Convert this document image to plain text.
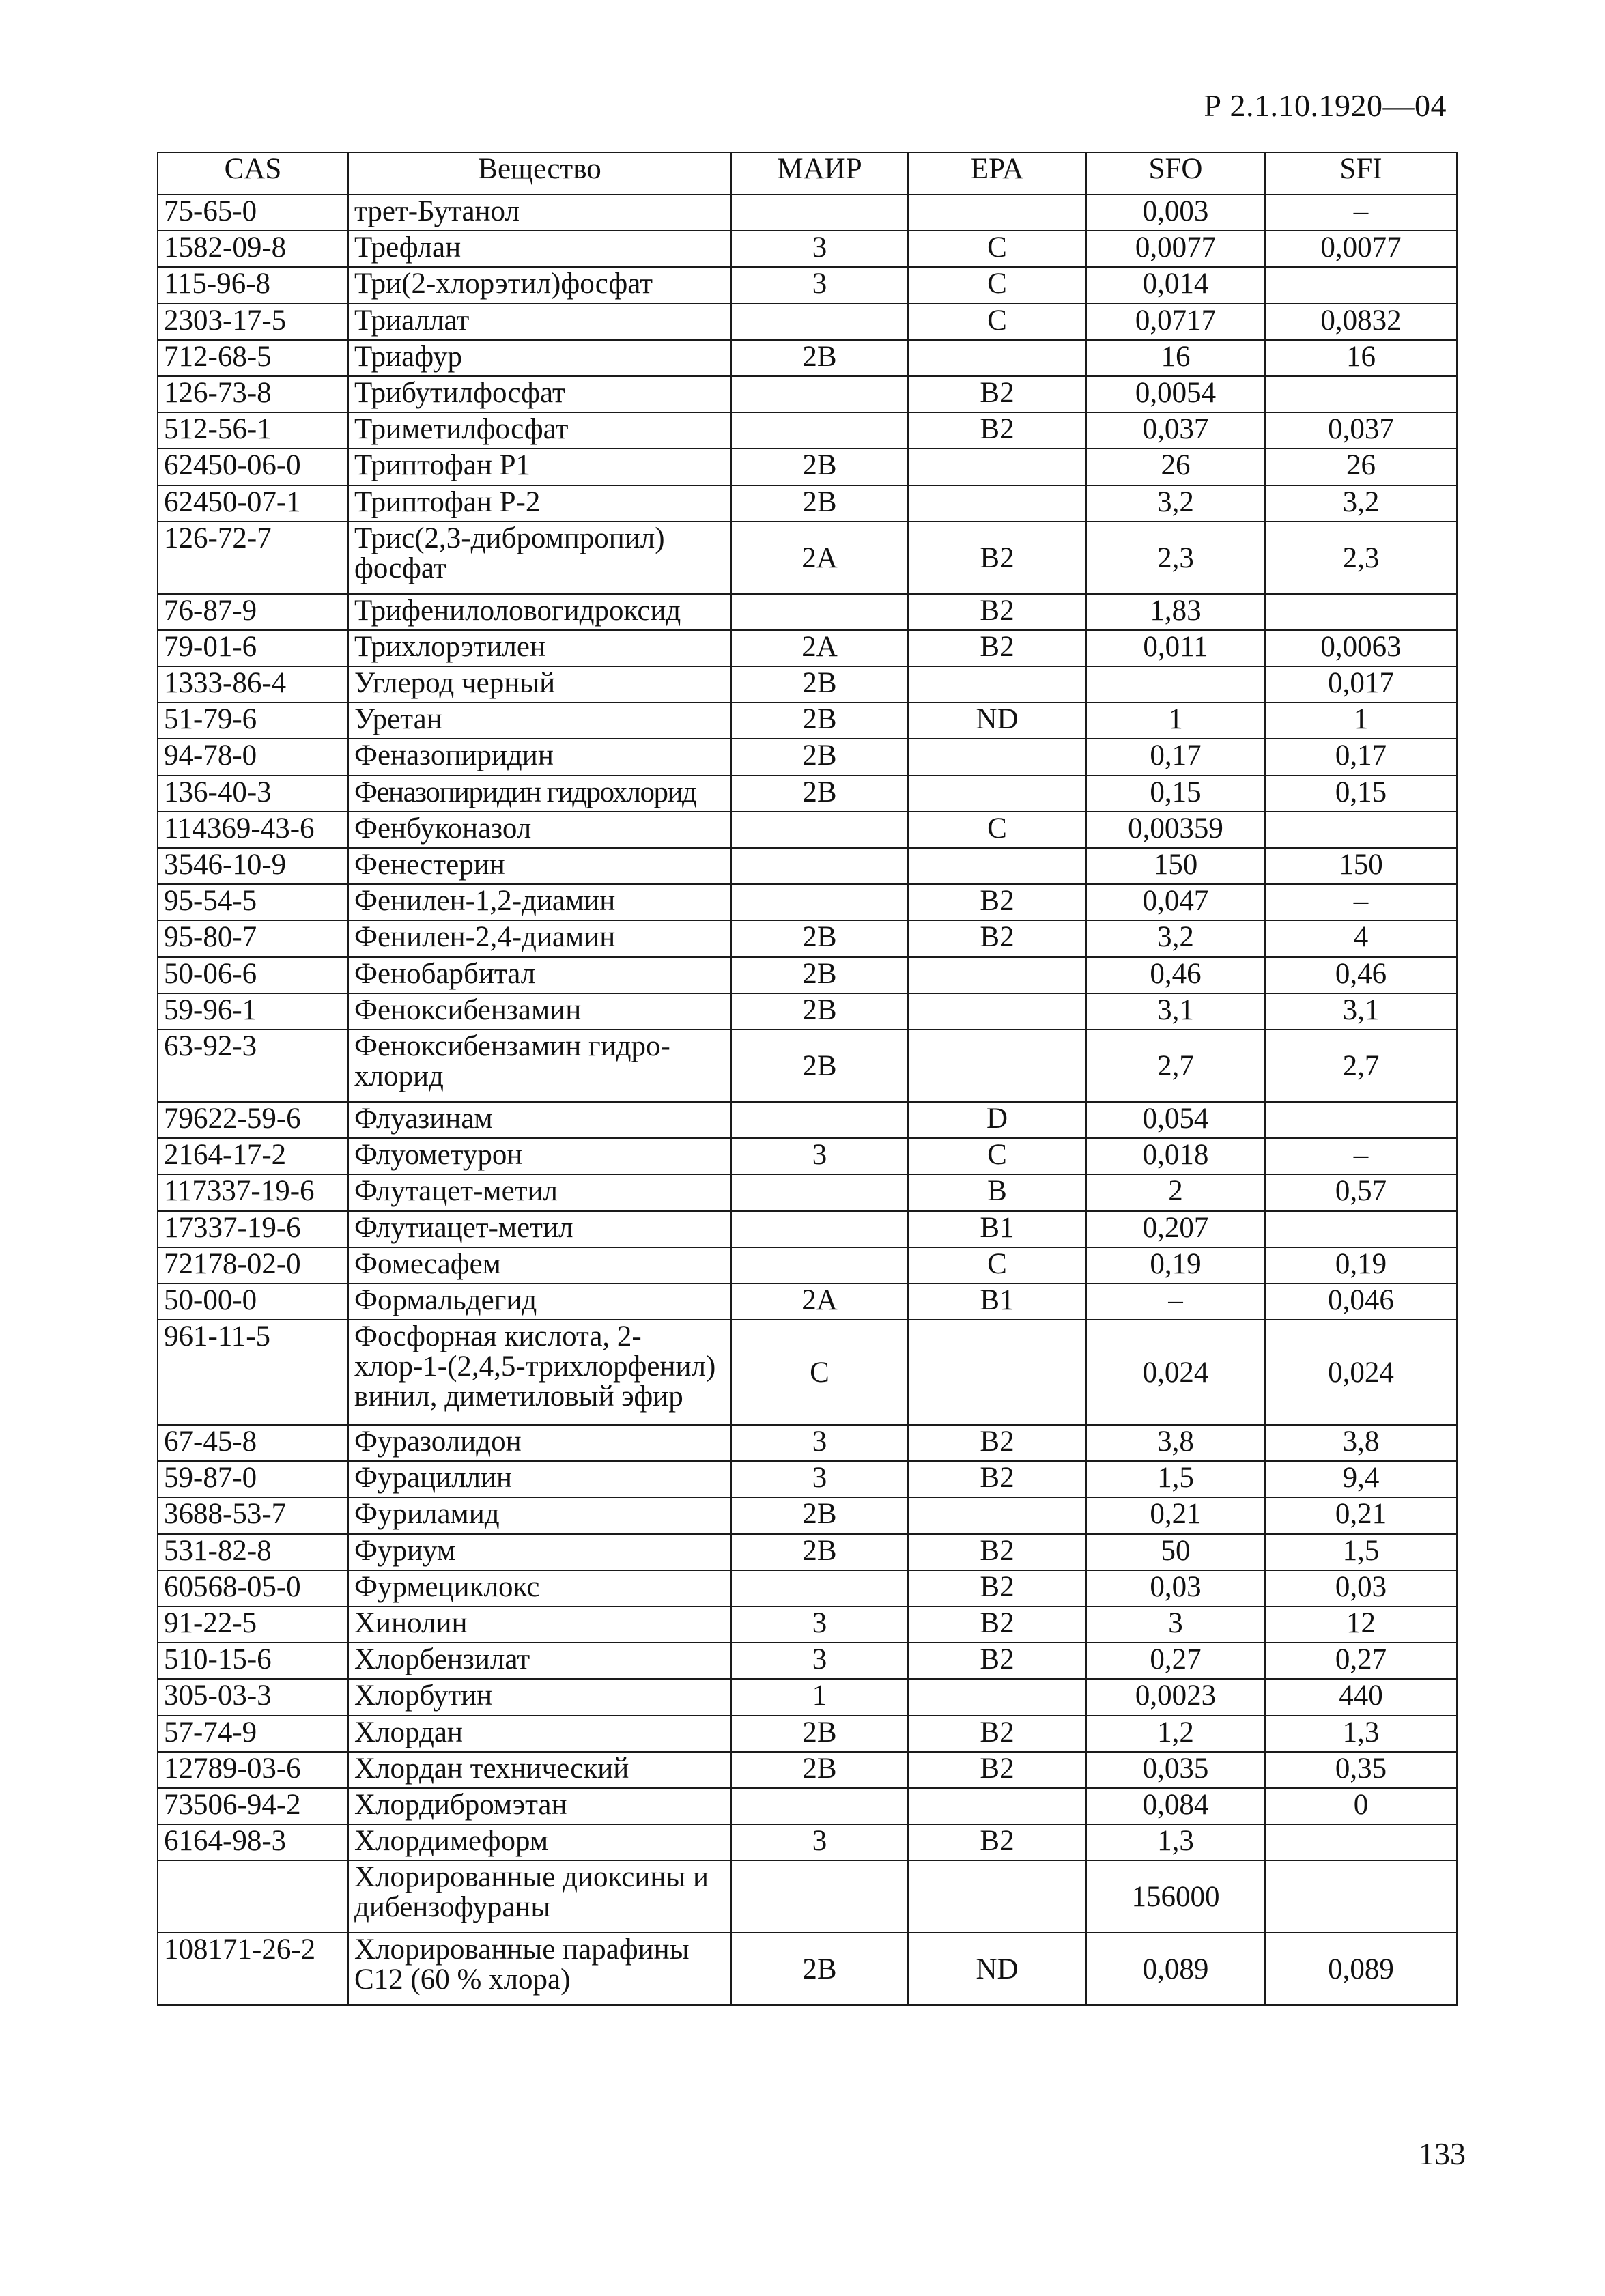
Р 2.1.10.1920—04
CAS	Вещество	МАИР	EPA	SFO	SFI
75-65-0	трет-Бутанол			0,003	–
1582-09-8	Трефлан	3	C	0,0077	0,0077
115-96-8	Три(2-хлорэтил)фосфат	3	C	0,014	
2303-17-5	Триаллат		C	0,0717	0,0832
712-68-5	Триафур	2B		16	16
126-73-8	Трибутилфосфат		B2	0,0054	
512-56-1	Триметилфосфат		B2	0,037	0,037
62450-06-0	Триптофан P1	2B		26	26
62450-07-1	Триптофан P-2	2B		3,2	3,2
126-72-7	Трис(2,3-дибромпропил) фосфат	2A	B2	2,3	2,3
76-87-9	Трифенилоловогидроксид		B2	1,83	
79-01-6	Трихлорэтилен	2A	B2	0,011	0,0063
1333-86-4	Углерод черный	2B			0,017
51-79-6	Уретан	2B	ND	1	1
94-78-0	Феназопиридин	2B		0,17	0,17
136-40-3	Феназопиридин гидрохлорид	2B		0,15	0,15
114369-43-6	Фенбуконазол		C	0,00359	
3546-10-9	Фенестерин			150	150
95-54-5	Фенилен-1,2-диамин		B2	0,047	–
95-80-7	Фенилен-2,4-диамин	2B	B2	3,2	4
50-06-6	Фенобарбитал	2B		0,46	0,46
59-96-1	Феноксибензамин	2B		3,1	3,1
63-92-3	Феноксибензамин гидро-хлорид	2B		2,7	2,7
79622-59-6	Флуазинам		D	0,054	
2164-17-2	Флуометурон	3	C	0,018	–
117337-19-6	Флутацет-метил		B	2	0,57
17337-19-6	Флутиацет-метил		B1	0,207	
72178-02-0	Фомесафем		C	0,19	0,19
50-00-0	Формальдегид	2A	B1	–	0,046
961-11-5	Фосфорная кислота, 2-хлор-1-(2,4,5-трихлорфенил) винил, диметиловый эфир	C		0,024	0,024
67-45-8	Фуразолидон	3	B2	3,8	3,8
59-87-0	Фурациллин	3	B2	1,5	9,4
3688-53-7	Фуриламид	2B		0,21	0,21
531-82-8	Фуриум	2B	B2	50	1,5
60568-05-0	Фурмециклокс		B2	0,03	0,03
91-22-5	Хинолин	3	B2	3	12
510-15-6	Хлорбензилат	3	B2	0,27	0,27
305-03-3	Хлорбутин	1		0,0023	440
57-74-9	Хлордан	2B	B2	1,2	1,3
12789-03-6	Хлордан технический	2B	B2	0,035	0,35
73506-94-2	Хлордибромэтан			0,084	0
6164-98-3	Хлордимеформ	3	B2	1,3	
	Хлорированные диоксины и дибензофураны			156000	
108171-26-2	Хлорированные парафины C12 (60 % хлора)	2B	ND	0,089	0,089
133
